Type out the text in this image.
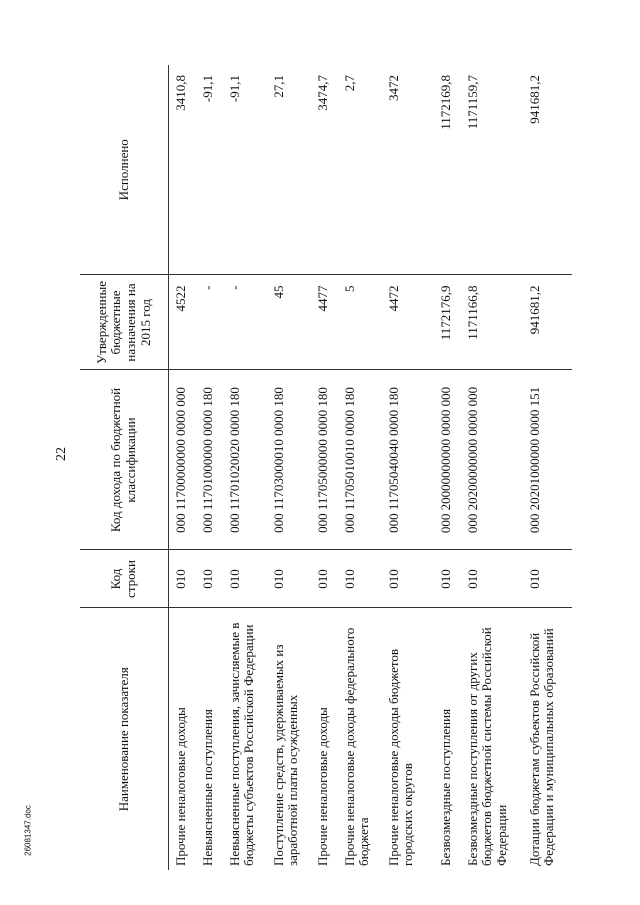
22
Наименование показателя	Код строки	Код дохода по бюджетной классификации	Утвержденные бюджетные назначения на 2015 год	Исполнено
Прочие неналоговые доходы	010	000 11700000000 0000 000	4522	3410,8
Невыясненные поступления	010	000 11701000000 0000 180	-	-91,1
Невыясненные поступления, зачисляемые в бюджеты субъектов Российской Федерации	010	000 11701020020 0000 180	-	-91,1
Поступление средств, удерживаемых из заработной платы осужденных	010	000 11703000010 0000 180	45	27,1
Прочие неналоговые доходы	010	000 11705000000 0000 180	4477	3474,7
Прочие неналоговые доходы федерального бюджета	010	000 11705010010 0000 180	5	2,7
Прочие неналоговые доходы бюджетов городских округов	010	000 11705040040 0000 180	4472	3472
Безвозмездные поступления	010	000 20000000000 0000 000	1172176,9	1172169,8
Безвозмездные поступления от других бюджетов бюджетной системы Российской Федерации	010	000 20200000000 0000 000	1171166,8	1171159,7
Дотации бюджетам субъектов Российской Федерации и муниципальных образований	010	000 20201000000 0000 151	941681,2	941681,2
26081347.doc
